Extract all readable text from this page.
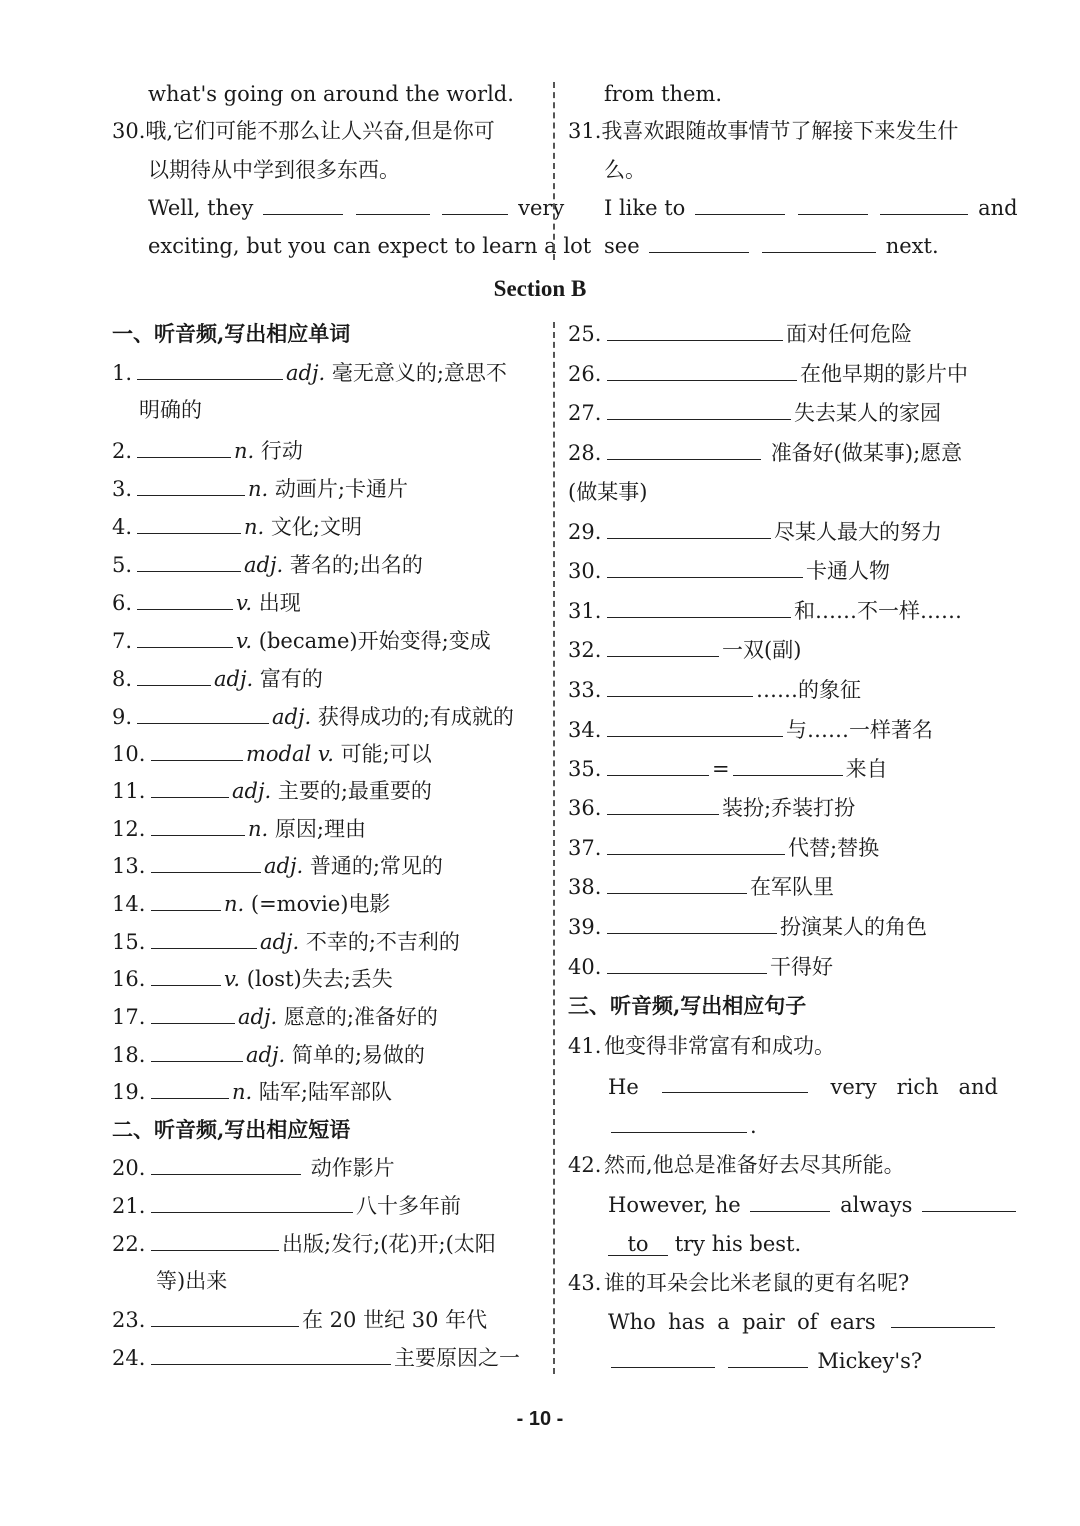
what's going on around the world.
30.哦,它们可能不那么让人兴奋,但是你可
以期待从中学到很多东西。
Well, they	very
exciting, but you can expect to learn a lot
from them.
31.我喜欢跟随故事情节了解接下来发生什
么。
I like to	and
see	next.
Section B
一、听音频,写出相应单词
1.	adj. 毫无意义的;意思不
明确的
2.	n. 行动
3.	n. 动画片;卡通片
4.	n. 文化;文明
5.	adj. 著名的;出名的
6.	v. 出现
7.	v. (became)开始变得;变成
8.	adj. 富有的
9.	adj. 获得成功的;有成就的
10.	modal v. 可能;可以
11.	adj. 主要的;最重要的
12.	n. 原因;理由
13.	adj. 普通的;常见的
14.	n. (=movie)电影
15.	adj. 不幸的;不吉利的
16.	v. (lost)失去;丢失
17.	adj. 愿意的;准备好的
18.	adj. 简单的;易做的
19.	n. 陆军;陆军部队
二、听音频,写出相应短语
20.	动作影片
21.	八十多年前
22.	出版;发行;(花)开;(太阳
等)出来
23.	在 20 世纪 30 年代
24.	主要原因之一
25.	面对任何危险
26.	在他早期的影片中
27.	失去某人的家园
28.	准备好(做某事);愿意
(做某事)
29.	尽某人最大的努力
30.	卡通人物
31.	和……不一样……
32.	一双(副)
33.	……的象征
34.	与……一样著名
35.	=	来自
36.	装扮;乔装打扮
37.	代替;替换
38.	在军队里
39.	扮演某人的角色
40.	干得好
三、听音频,写出相应句子
41. 他变得非常富有和成功。
He	very rich and
.
42. 然而,他总是准备好去尽其所能。
However, he	always
to try his best.
43. 谁的耳朵会比米老鼠的更有名呢?
Who has a pair of ears
Mickey's?
- 10 -
